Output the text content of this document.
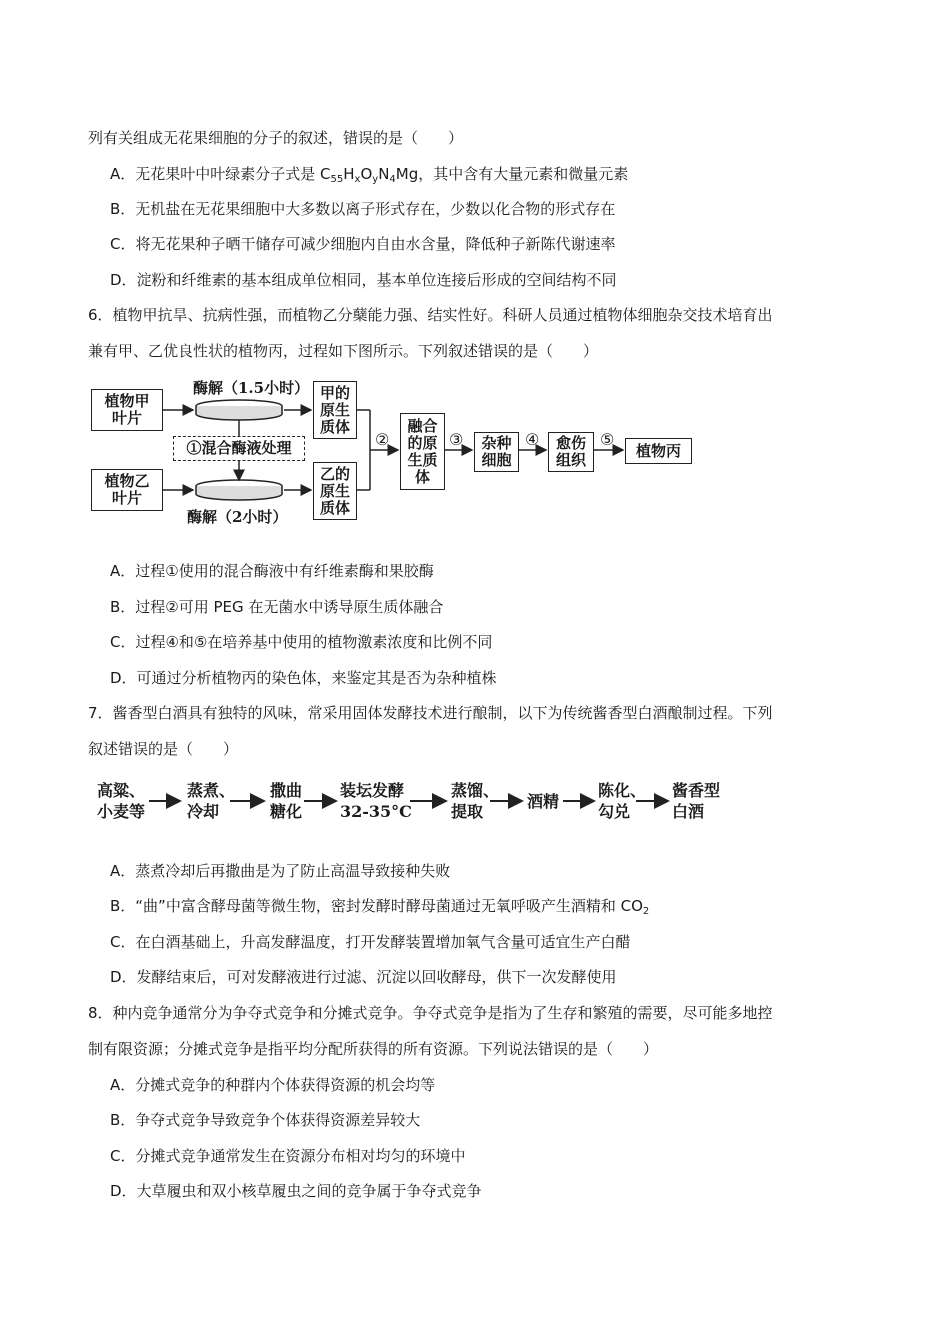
列有关组成无花果细胞的分子的叙述，错误的是（　　）
A．无花果叶中叶绿素分子式是 $C_{55}H_xO_yN_4Mg$，其中含有大量元素和微量元素
B．无机盐在无花果细胞中大多数以离子形式存在，少数以化合物的形式存在
C．将无花果种子晒干储存可减少细胞内自由水含量，降低种子新陈代谢速率
D．淀粉和纤维素的基本组成单位相同，基本单位连接后形成的空间结构不同
6．植物甲抗旱、抗病性强，而植物乙分蘖能力强、结实性好。科研人员通过植物体细胞杂交技术培育出
兼有甲、乙优良性状的植物丙，过程如下图所示。下列叙述错误的是（　　）
植物甲叶片
植物乙叶片
酶解（1.5小时）
酶解（2小时）
①混合酶液处理
甲的原生质体
乙的原生质体
②
融合的原生质体
③ 杂种细胞
④ 愈伤组织
⑤
植物丙
A．过程①使用的混合酶液中有纤维素酶和果胶酶
B．过程②可用 PEG 在无菌水中诱导原生质体融合
C．过程④和⑤在培养基中使用的植物激素浓度和比例不同
D．可通过分析植物丙的染色体，来鉴定其是否为杂种植株
7．酱香型白酒具有独特的风味，常采用固体发酵技术进行酿制，以下为传统酱香型白酒酿制过程。下列
叙述错误的是（　　）
高粱、
小麦等
蒸煮、
冷却
撒曲
糖化
装坛发酵
32-35°C
蒸馏、
提取
酒精
陈化、
勾兑
酱香型
白酒
A．蒸煮冷却后再撒曲是为了防止高温导致接种失败
B．“曲”中富含酵母菌等微生物，密封发酵时酵母菌通过无氧呼吸产生酒精和 $CO_2$
C．在白酒基础上，升高发酵温度，打开发酵装置增加氧气含量可适宜生产白醋
D．发酵结束后，可对发酵液进行过滤、沉淀以回收酵母，供下一次发酵使用
8．种内竞争通常分为争夺式竞争和分摊式竞争。争夺式竞争是指为了生存和繁殖的需要，尽可能多地控
制有限资源；分摊式竞争是指平均分配所获得的所有资源。下列说法错误的是（　　）
A．分摊式竞争的种群内个体获得资源的机会均等
B．争夺式竞争导致竞争个体获得资源差异较大
C．分摊式竞争通常发生在资源分布相对均匀的环境中
D．大草履虫和双小核草履虫之间的竞争属于争夺式竞争
